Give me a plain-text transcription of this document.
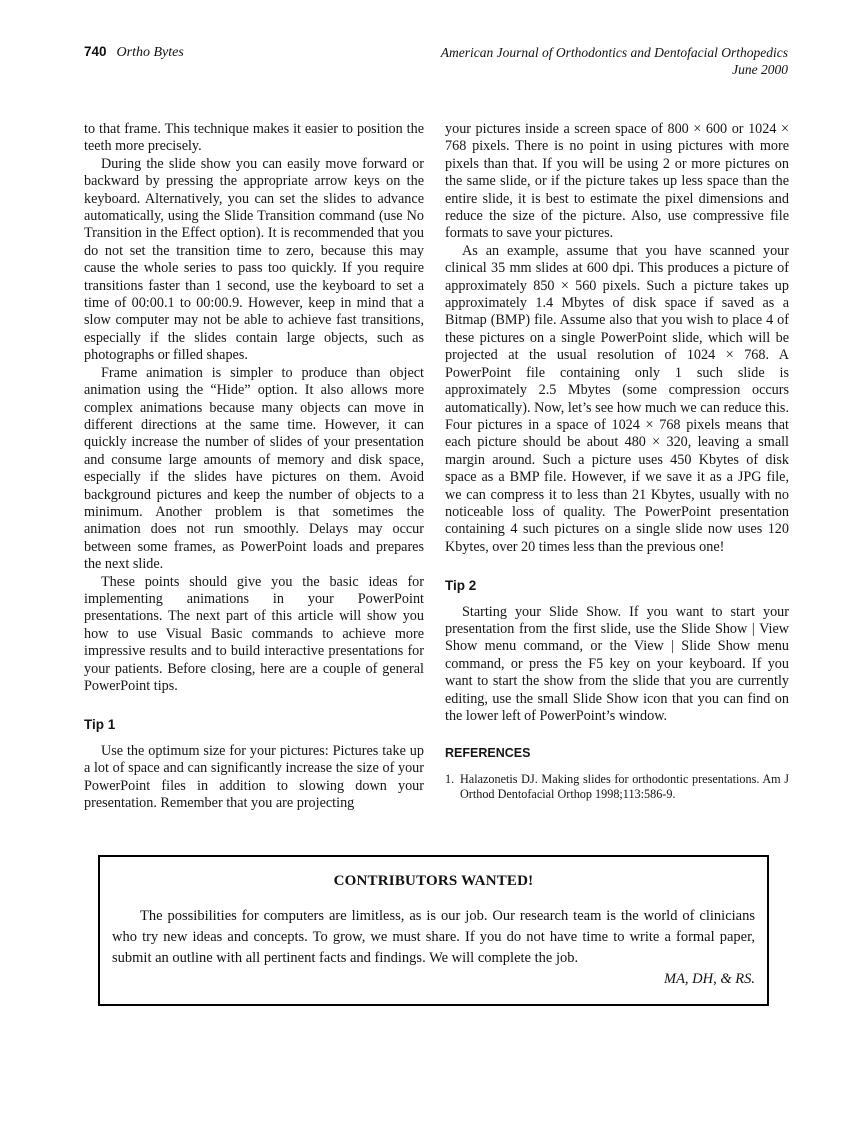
740 Ortho Bytes	American Journal of Orthodontics and Dentofacial Orthopedics
June 2000

to that frame. This technique makes it easier to position the teeth more precisely.

During the slide show you can easily move forward or backward by pressing the appropriate arrow keys on the keyboard. Alternatively, you can set the slides to advance automatically, using the Slide Transition command (use No Transition in the Effect option). It is recommended that you do not set the transition time to zero, because this may cause the whole series to pass too quickly. If you require transitions faster than 1 second, use the keyboard to set a time of 00:00.1 to 00:00.9. However, keep in mind that a slow computer may not be able to achieve fast transitions, especially if the slides contain large objects, such as photographs or filled shapes.

Frame animation is simpler to produce than object animation using the “Hide” option. It also allows more complex animations because many objects can move in different directions at the same time. However, it can quickly increase the number of slides of your presentation and consume large amounts of memory and disk space, especially if the slides have pictures on them. Avoid background pictures and keep the number of objects to a minimum. Another problem is that sometimes the animation does not run smoothly. Delays may occur between some frames, as PowerPoint loads and prepares the next slide.

These points should give you the basic ideas for implementing animations in your PowerPoint presentations. The next part of this article will show you how to use Visual Basic commands to achieve more impressive results and to build interactive presentations for your patients. Before closing, here are a couple of general PowerPoint tips.

Tip 1

Use the optimum size for your pictures: Pictures take up a lot of space and can significantly increase the size of your PowerPoint files in addition to slowing down your presentation. Remember that you are projecting

your pictures inside a screen space of 800 × 600 or 1024 × 768 pixels. There is no point in using pictures with more pixels than that. If you will be using 2 or more pictures on the same slide, or if the picture takes up less space than the entire slide, it is best to estimate the pixel dimensions and reduce the size of the picture. Also, use compressive file formats to save your pictures.

As an example, assume that you have scanned your clinical 35 mm slides at 600 dpi. This produces a picture of approximately 850 × 560 pixels. Such a picture takes up approximately 1.4 Mbytes of disk space if saved as a Bitmap (BMP) file. Assume also that you wish to place 4 of these pictures on a single PowerPoint slide, which will be projected at the usual resolution of 1024 × 768. A PowerPoint file containing only 1 such slide is approximately 2.5 Mbytes (some compression occurs automatically). Now, let’s see how much we can reduce this. Four pictures in a space of 1024 × 768 pixels means that each picture should be about 480 × 320, leaving a small margin around. Such a picture uses 450 Kbytes of disk space as a BMP file. However, if we save it as a JPG file, we can compress it to less than 21 Kbytes, usually with no noticeable loss of quality. The PowerPoint presentation containing 4 such pictures on a single slide now uses 120 Kbytes, over 20 times less than the previous one!

Tip 2

Starting your Slide Show. If you want to start your presentation from the first slide, use the Slide Show | View Show menu command, or the View | Slide Show menu command, or press the F5 key on your keyboard. If you want to start the show from the slide that you are currently editing, use the small Slide Show icon that you can find on the lower left of PowerPoint’s window.

REFERENCES

1. Halazonetis DJ. Making slides for orthodontic presentations. Am J Orthod Dentofacial Orthop 1998;113:586-9.

CONTRIBUTORS WANTED!

The possibilities for computers are limitless, as is our job. Our research team is the world of clinicians who try new ideas and concepts. To grow, we must share. If you do not have time to write a formal paper, submit an outline with all pertinent facts and findings. We will complete the job.

MA, DH, & RS.
